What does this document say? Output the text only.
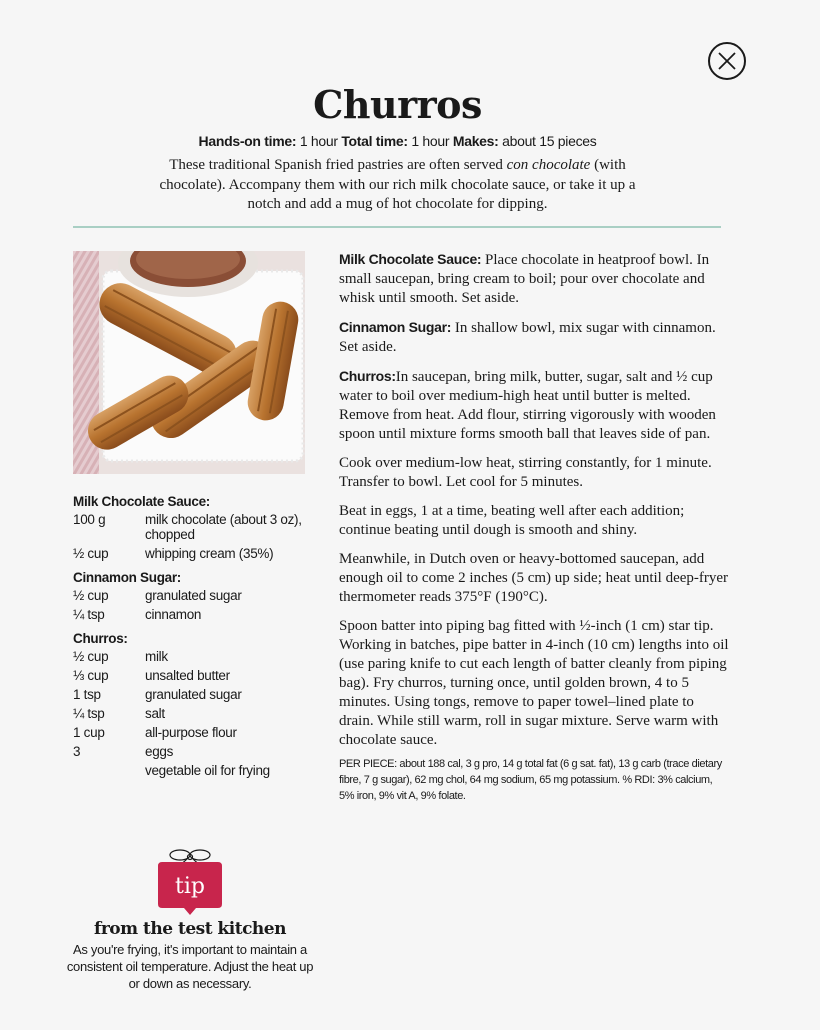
Churros
Hands-on time: 1 hour Total time: 1 hour Makes: about 15 pieces
These traditional Spanish fried pastries are often served con chocolate (with chocolate). Accompany them with our rich milk chocolate sauce, or take it up a notch and add a mug of hot chocolate for dipping.
Milk Chocolate Sauce:
100 g	milk chocolate (about 3 oz), chopped
½ cup	whipping cream (35%)
Cinnamon Sugar:
½ cup	granulated sugar
¼ tsp	cinnamon
Churros:
½ cup	milk
⅓ cup	unsalted butter
1 tsp	granulated sugar
¼ tsp	salt
1 cup	all-purpose flour
3	eggs
vegetable oil for frying

Milk Chocolate Sauce: Place chocolate in heatproof bowl. In small saucepan, bring cream to boil; pour over chocolate and whisk until smooth. Set aside.

Cinnamon Sugar: In shallow bowl, mix sugar with cinnamon. Set aside.

Churros:In saucepan, bring milk, butter, sugar, salt and ½ cup water to boil over medium-high heat until butter is melted. Remove from heat. Add flour, stirring vigorously with wooden spoon until mixture forms smooth ball that leaves side of pan.

Cook over medium-low heat, stirring constantly, for 1 minute. Transfer to bowl. Let cool for 5 minutes.

Beat in eggs, 1 at a time, beating well after each addition; continue beating until dough is smooth and shiny.

Meanwhile, in Dutch oven or heavy-bottomed saucepan, add enough oil to come 2 inches (5 cm) up side; heat until deep-fryer thermometer reads 375°F (190°C).

Spoon batter into piping bag fitted with ½-inch (1 cm) star tip. Working in batches, pipe batter in 4-inch (10 cm) lengths into oil (use paring knife to cut each length of batter cleanly from piping bag). Fry churros, turning once, until golden brown, 4 to 5 minutes. Using tongs, remove to paper towel–lined plate to drain. While still warm, roll in sugar mixture. Serve warm with chocolate sauce.

PER PIECE: about 188 cal, 3 g pro, 14 g total fat (6 g sat. fat), 13 g carb (trace dietary fibre, 7 g sugar), 62 mg chol, 64 mg sodium, 65 mg potassium. % RDI: 3% calcium, 5% iron, 9% vit A, 9% folate.

tip
from the test kitchen
As you're frying, it's important to maintain a consistent oil temperature. Adjust the heat up or down as necessary.
